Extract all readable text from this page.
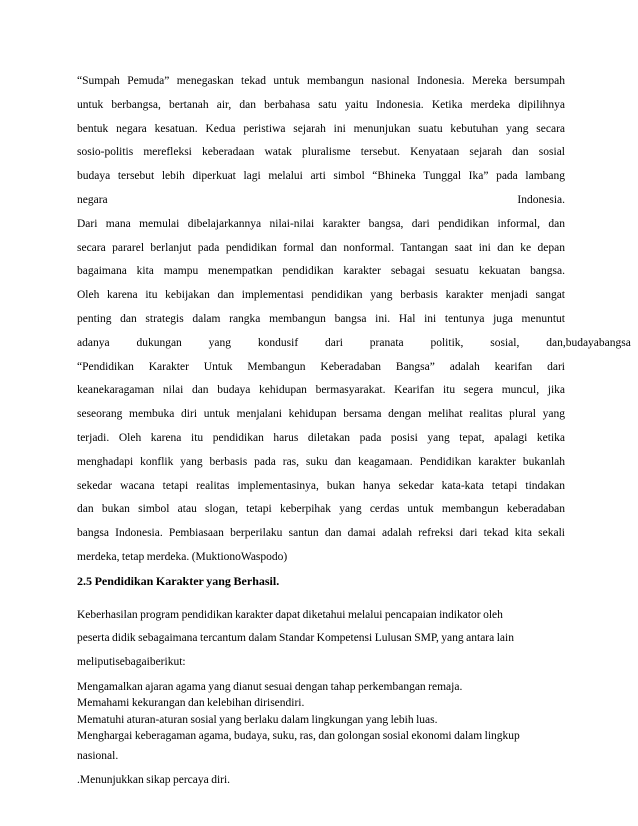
“Sumpah Pemuda” menegaskan tekad untuk membangun nasional Indonesia. Mereka bersumpah
untuk berbangsa, bertanah air, dan berbahasa satu yaitu Indonesia. Ketika merdeka dipilihnya
bentuk negara kesatuan. Kedua peristiwa sejarah ini menunjukan suatu kebutuhan yang secara
sosio-politis merefleksi keberadaan watak pluralisme tersebut. Kenyataan sejarah dan sosial
budaya tersebut lebih diperkuat lagi melalui arti simbol “Bhineka Tunggal Ika” pada lambang
negara	Indonesia.
Dari mana memulai dibelajarkannya nilai-nilai karakter bangsa, dari pendidikan informal, dan
secara pararel berlanjut pada pendidikan formal dan nonformal. Tantangan saat ini dan ke depan
bagaimana kita mampu menempatkan pendidikan karakter sebagai sesuatu kekuatan bangsa.
Oleh karena itu kebijakan dan implementasi pendidikan yang berbasis karakter menjadi sangat
penting dan strategis dalam rangka membangun bangsa ini. Hal ini tentunya juga menuntut
adanya dukungan yang kondusif dari pranata politik, sosial, dan,budayabangsa
“Pendidikan Karakter Untuk Membangun Keberadaban Bangsa” adalah kearifan dari
keanekaragaman nilai dan budaya kehidupan bermasyarakat. Kearifan itu segera muncul, jika
seseorang membuka diri untuk menjalani kehidupan bersama dengan melihat realitas plural yang
terjadi. Oleh karena itu pendidikan harus diletakan pada posisi yang tepat, apalagi ketika
menghadapi konflik yang berbasis pada ras, suku dan keagamaan. Pendidikan karakter bukanlah
sekedar wacana tetapi realitas implementasinya, bukan hanya sekedar kata-kata tetapi tindakan
dan bukan simbol atau slogan, tetapi keberpihak yang cerdas untuk membangun keberadaban
bangsa Indonesia. Pembiasaan berperilaku santun dan damai adalah refreksi dari tekad kita sekali
merdeka, tetap merdeka. (MuktionoWaspodo)
2.5 Pendidikan Karakter yang Berhasil.
Keberhasilan program pendidikan karakter dapat diketahui melalui pencapaian indikator oleh
peserta didik sebagaimana tercantum dalam Standar Kompetensi Lulusan SMP, yang antara lain
meliputisebagaiberikut:
Mengamalkan ajaran agama yang dianut sesuai dengan tahap perkembangan remaja.
Memahami kekurangan dan kelebihan dirisendiri.
Mematuhi aturan-aturan sosial yang berlaku dalam lingkungan yang lebih luas.
Menghargai keberagaman agama, budaya, suku, ras, dan golongan sosial ekonomi dalam lingkup
nasional.
.Menunjukkan sikap percaya diri.
